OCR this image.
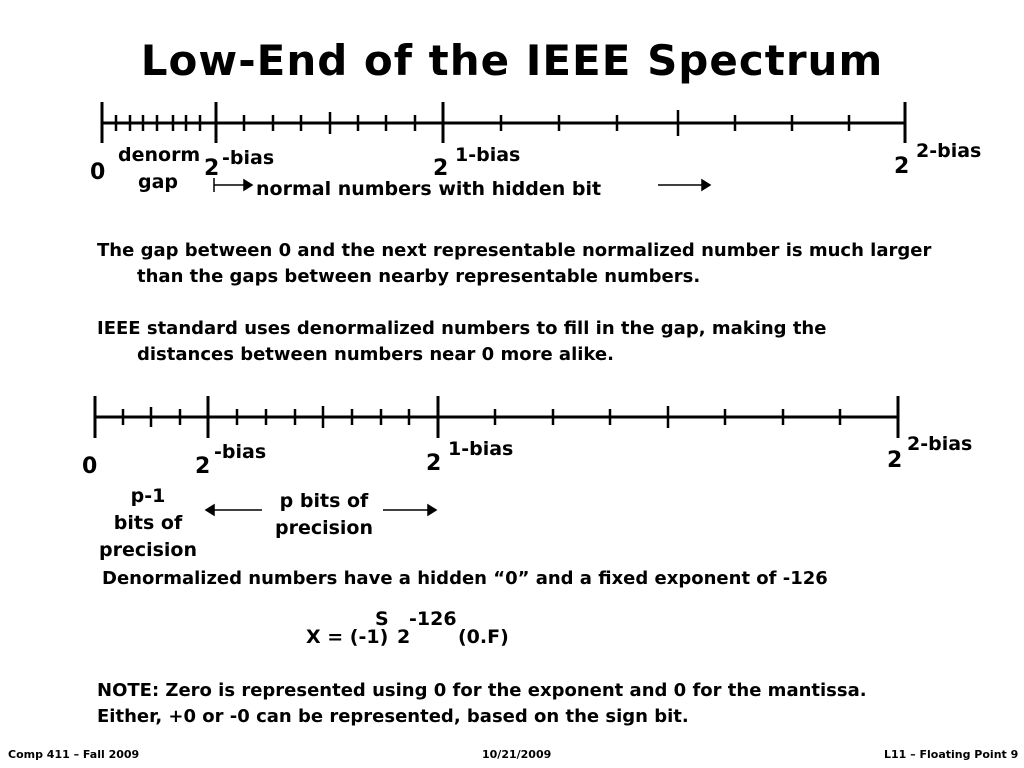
Low-End of the IEEE Spectrum
0
denorm
gap
2 -bias	2
1-bias	2
2-bias
normal numbers with hidden bit
The gap between 0 and the next representable normalized number is much larger
than the gaps between nearby representable numbers.
IEEE standard uses denormalized numbers to fill in the gap, making the
distances between numbers near 0 more alike.
0	2
-bias	2
1-bias	2
2-bias
p-1
bits of
precision
p bits of
precision
Denormalized numbers have a hidden “0” and a fixed exponent of -126
X = (-1)
S
2
-126
(0.F)
NOTE: Zero is represented using 0 for the exponent and 0 for the mantissa.
Either, +0 or -0 can be represented, based on the sign bit.
Comp 411 – Fall 2009	10/21/2009	L11 – Floating Point 9
